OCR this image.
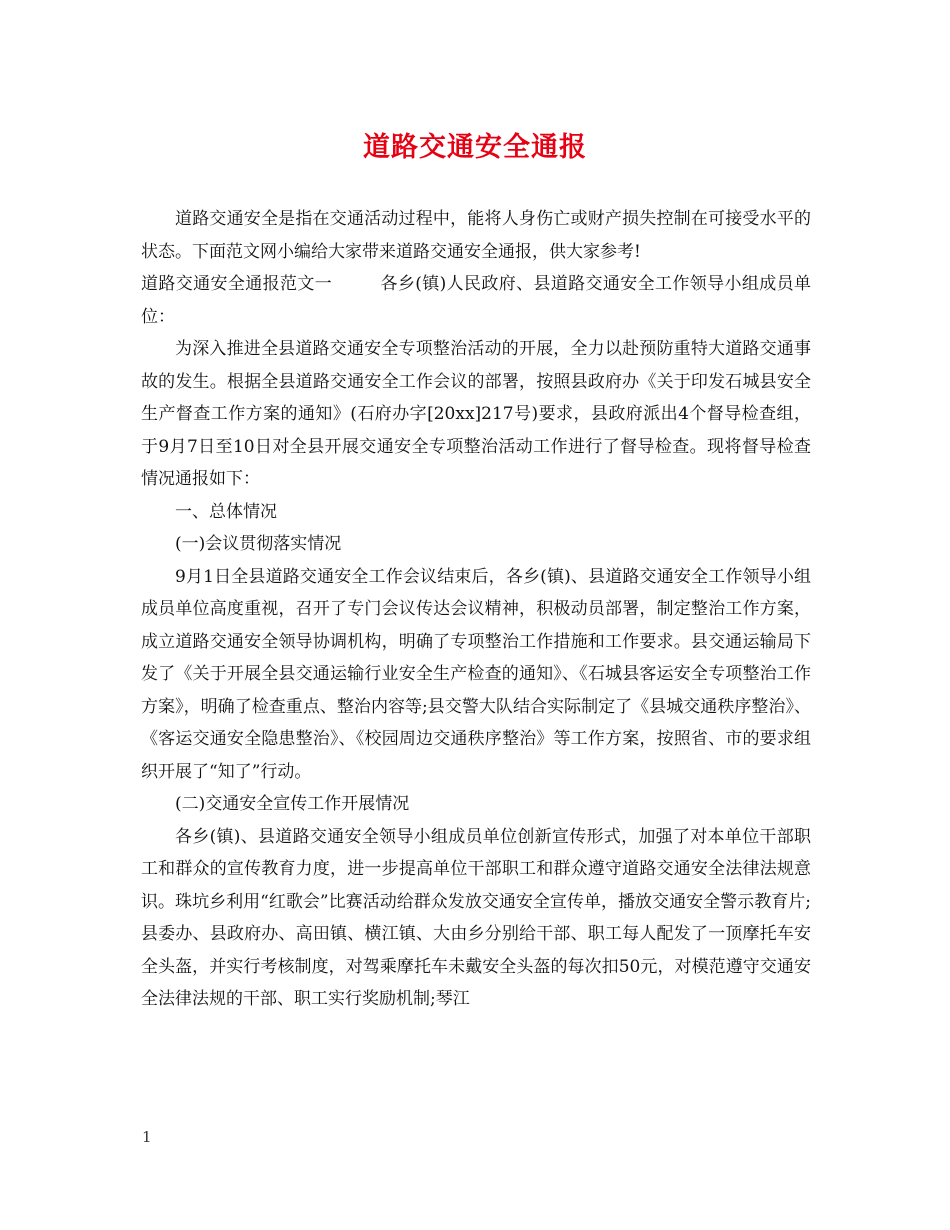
道路交通安全通报

道路交通安全是指在交通活动过程中，能将人身伤亡或财产损失控制在可接受水平的状态。下面范文网小编给大家带来道路交通安全通报，供大家参考!

道路交通安全通报范文一	各乡(镇)人民政府、县道路交通安全工作领导小组成员单位：

为深入推进全县道路交通安全专项整治活动的开展，全力以赴预防重特大道路交通事故的发生。根据全县道路交通安全工作会议的部署，按照县政府办《关于印发石城县安全生产督查工作方案的通知》(石府办字[20xx]217号)要求，县政府派出4个督导检查组，于9月7日至10日对全县开展交通安全专项整治活动工作进行了督导检查。现将督导检查情况通报如下：

一、总体情况

(一)会议贯彻落实情况

9月1日全县道路交通安全工作会议结束后，各乡(镇)、县道路交通安全工作领导小组成员单位高度重视，召开了专门会议传达会议精神，积极动员部署，制定整治工作方案，成立道路交通安全领导协调机构，明确了专项整治工作措施和工作要求。县交通运输局下发了《关于开展全县交通运输行业安全生产检查的通知》、《石城县客运安全专项整治工作方案》，明确了检查重点、整治内容等;县交警大队结合实际制定了《县城交通秩序整治》、《客运交通安全隐患整治》、《校园周边交通秩序整治》等工作方案，按照省、市的要求组织开展了“知了”行动。

(二)交通安全宣传工作开展情况

各乡(镇)、县道路交通安全领导小组成员单位创新宣传形式，加强了对本单位干部职工和群众的宣传教育力度，进一步提高单位干部职工和群众遵守道路交通安全法律法规意识。珠坑乡利用“红歌会”比赛活动给群众发放交通安全宣传单，播放交通安全警示教育片;县委办、县政府办、高田镇、横江镇、大由乡分别给干部、职工每人配发了一顶摩托车安全头盔，并实行考核制度，对驾乘摩托车未戴安全头盔的每次扣50元，对模范遵守交通安全法律法规的干部、职工实行奖励机制;琴江

1
